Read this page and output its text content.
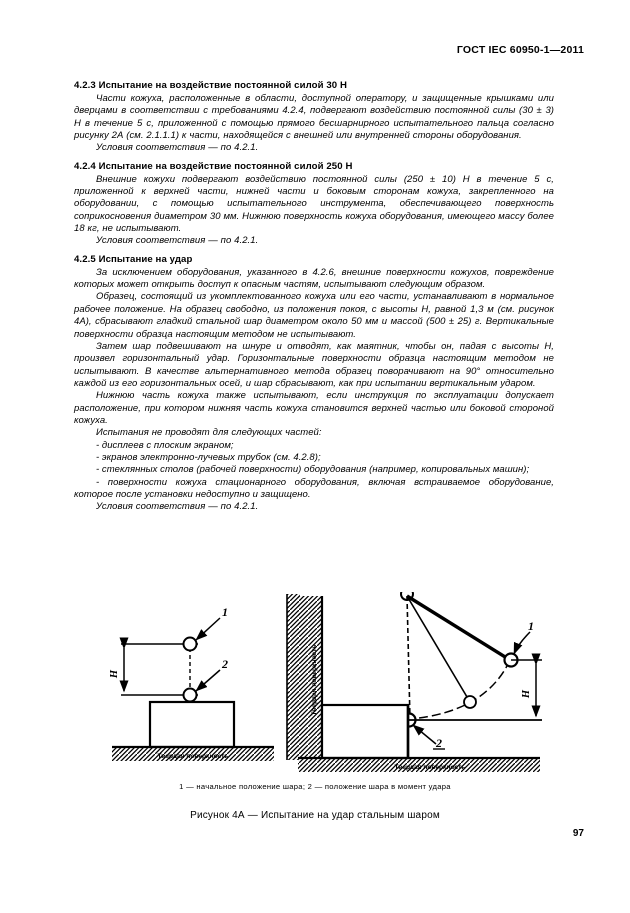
ГОСТ IEC 60950-1—2011
4.2.3 Испытание на воздействие постоянной силой 30 Н

Части кожуха, расположенные в области, доступной оператору, и защищенные крышками или дверцами в соответствии с требованиями 4.2.4, подвергают воздействию постоянной силы (30 ± 3) Н в течение 5 с, приложенной с помощью прямого бесшарнирного испытательного пальца согласно рисунку 2А (см. 2.1.1.1) к части, находящейся с внешней или внутренней стороны оборудования.

Условия соответствия — по 4.2.1.

4.2.4 Испытание на воздействие постоянной силой 250 Н

Внешние кожухи подвергают воздействию постоянной силы (250 ± 10) Н в течение 5 с, приложенной к верхней части, нижней части и боковым сторонам кожуха, закрепленного на оборудовании, с помощью испытательного инструмента, обеспечивающего поверхность соприкосновения диаметром 30 мм. Нижнюю поверхность кожуха оборудования, имеющего массу более 18 кг, не испытывают.

Условия соответствия — по 4.2.1.

4.2.5 Испытание на удар

За исключением оборудования, указанного в 4.2.6, внешние поверхности кожухов, повреждение которых может открыть доступ к опасным частям, испытывают следующим образом.

Образец, состоящий из укомплектованного кожуха или его части, устанавливают в нормальное рабочее положение. На образец свободно, из положения покоя, с высоты Н, равной 1,3 м (см. рисунок 4А), сбрасывают гладкий стальной шар диаметром около 50 мм и массой (500 ± 25) г. Вертикальные поверхности образца настоящим методом не испытывают.

Затем шар подвешивают на шнуре и отводят, как маятник, чтобы он, падая с высоты Н, произвел горизонтальный удар. Горизонтальные поверхности образца настоящим методом не испытывают. В качестве альтернативного метода образец поворачивают на 90° относительно каждой из его горизонтальных осей, и шар сбрасывают, как при испытании вертикальным ударом.

Нижнюю часть кожуха также испытывают, если инструкция по эксплуатации допускает расположение, при котором нижняя часть кожуха становится верхней частью или боковой стороной кожуха.

Испытания не проводят для следующих частей:

- дисплеев с плоским экраном;

- экранов электронно-лучевых трубок (см. 4.2.8);

- стеклянных столов (рабочей поверхности) оборудования (например, копировальных машин);

- поверхности кожуха стационарного оборудования, включая встраиваемое оборудование, которое после установки недоступно и защищено.

Условия соответствия — по 4.2.1.

H
1
2
Твердая поверхность
Твердая поверхность	H
1
2
Твердая поверхность
1 — начальное положение шара; 2 — положение шара в момент удара
Рисунок 4А — Испытание на удар стальным шаром
97
